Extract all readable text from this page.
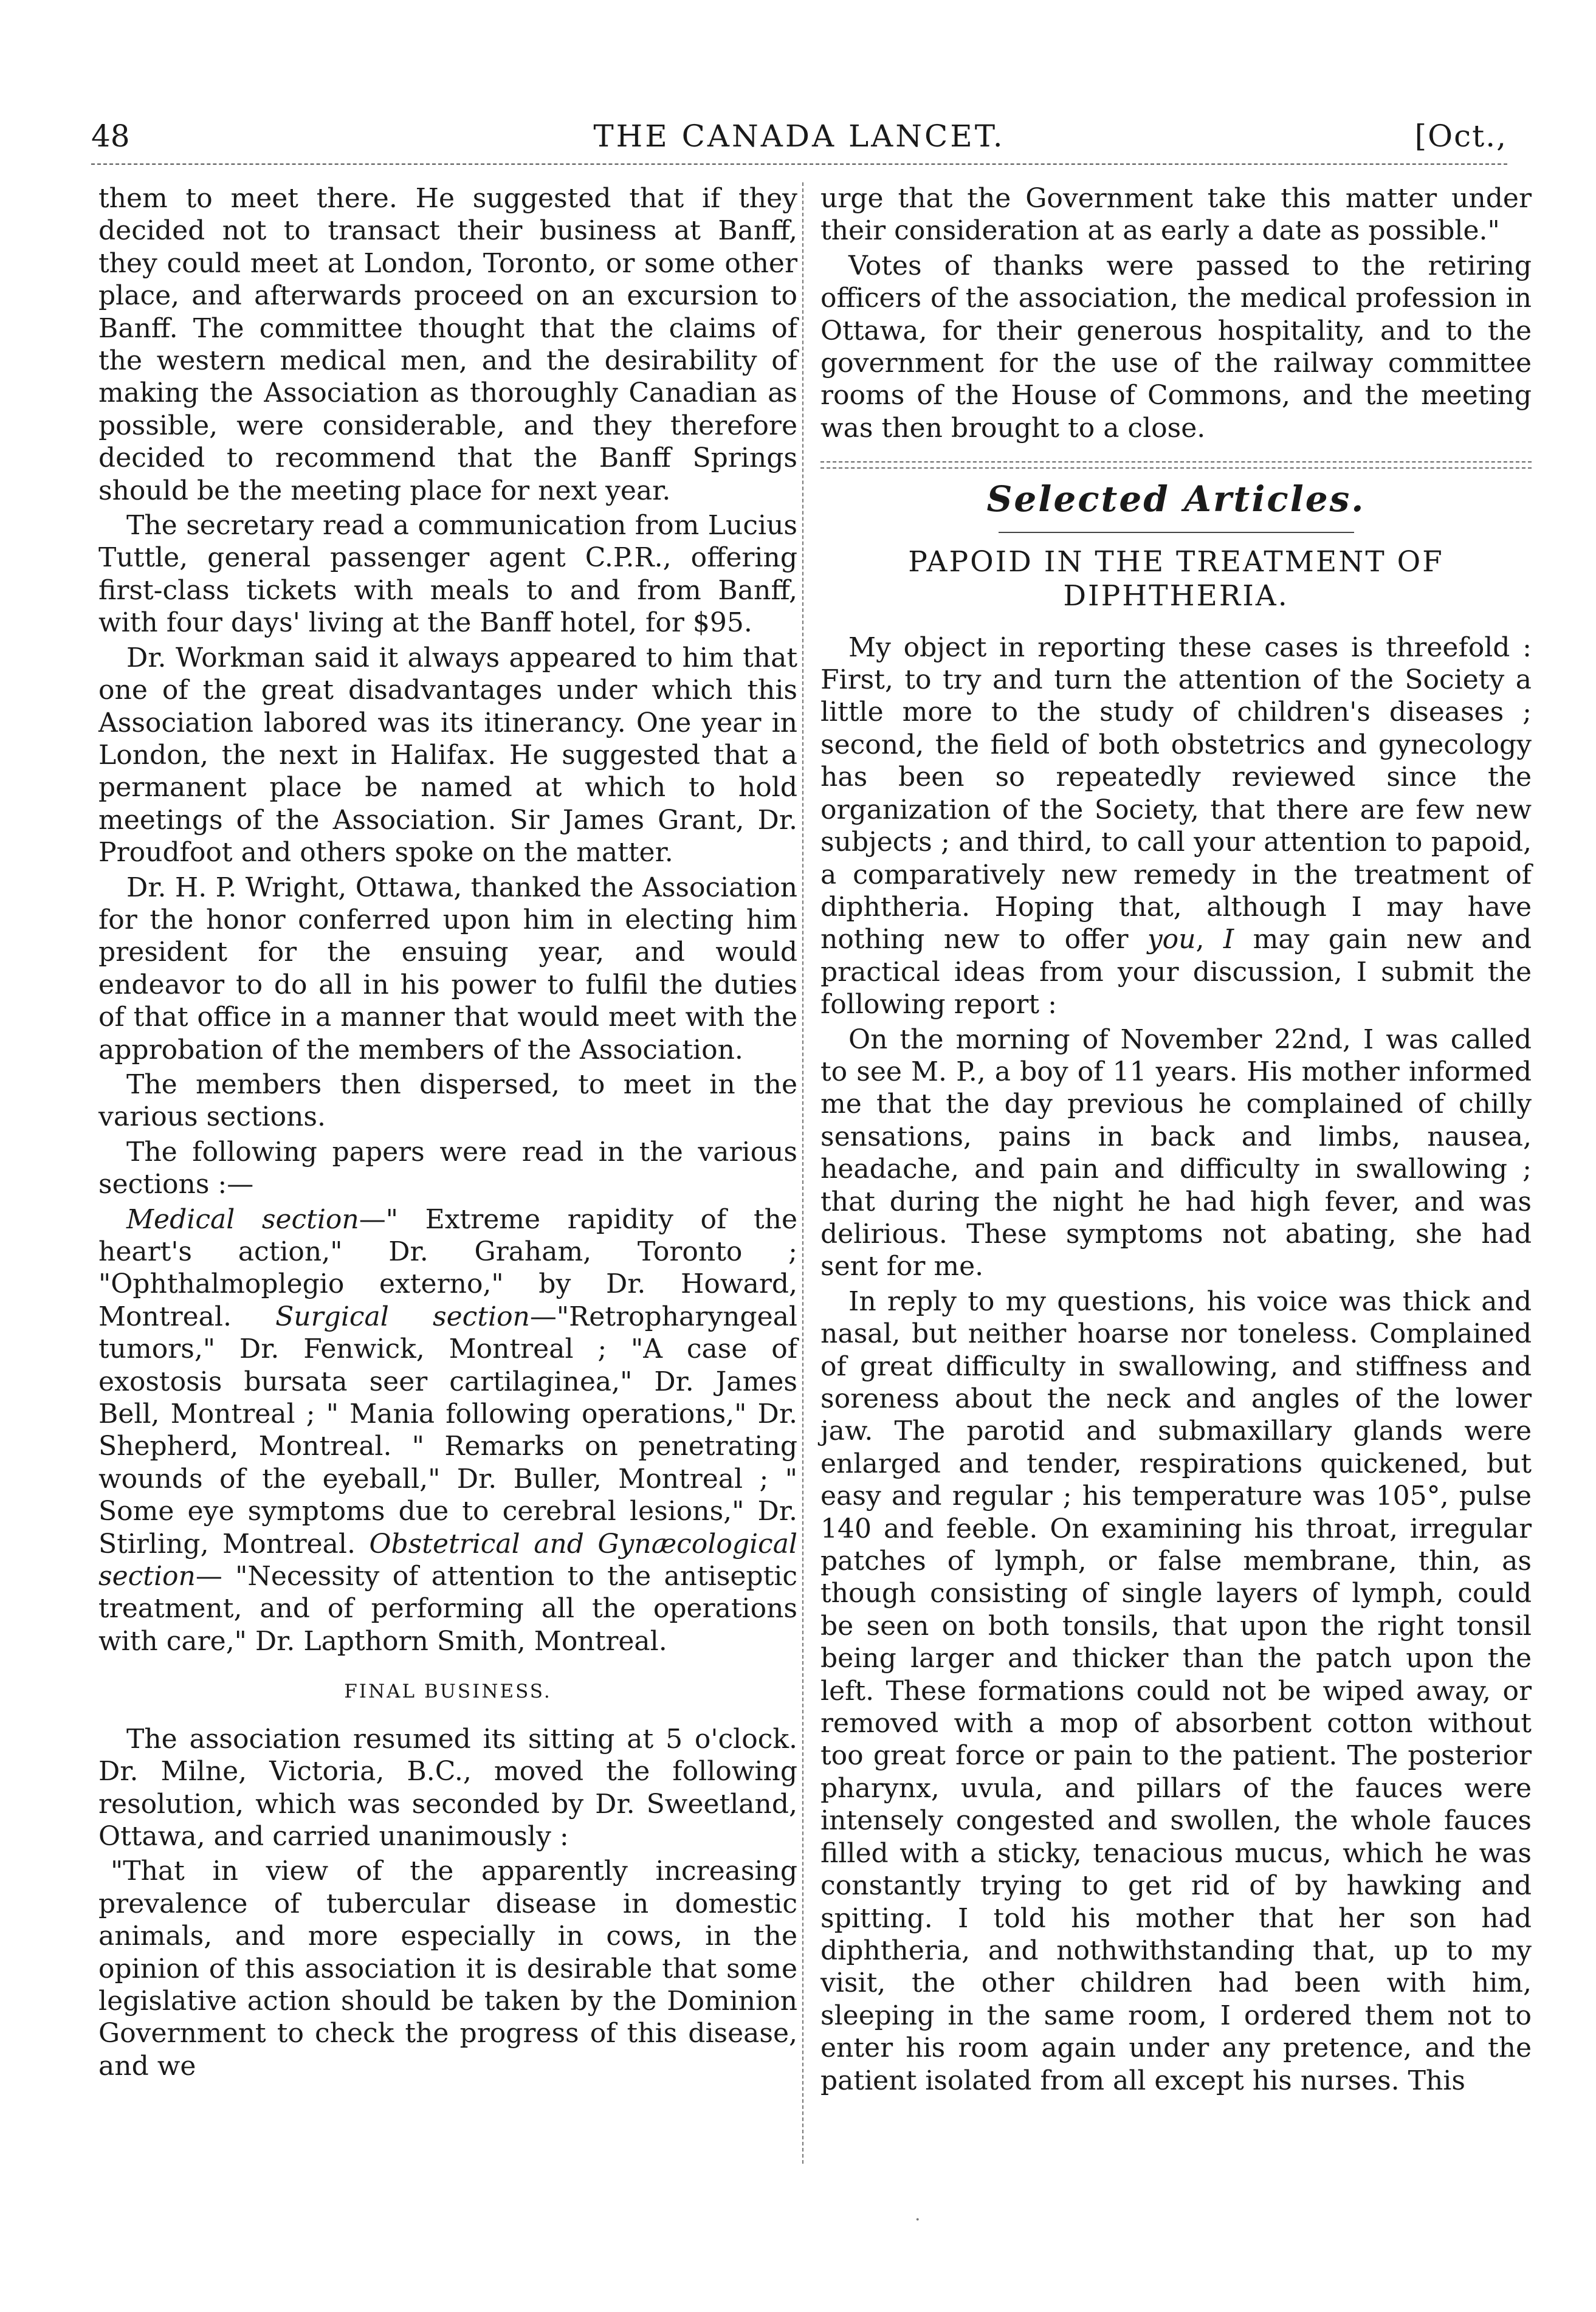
48	THE CANADA LANCET.	[Oct.,

them to meet there. He suggested that if they decided not to transact their business at Banff, they could meet at London, Toronto, or some other place, and afterwards proceed on an excursion to Banff. The committee thought that the claims of the western medical men, and the desirability of making the Association as thoroughly Canadian as possible, were considerable, and they therefore decided to recommend that the Banff Springs should be the meeting place for next year.

The secretary read a communication from Lucius Tuttle, general passenger agent C.P.R., offering first-class tickets with meals to and from Banff, with four days' living at the Banff hotel, for $95.

Dr. Workman said it always appeared to him that one of the great disadvantages under which this Association labored was its itinerancy. One year in London, the next in Halifax. He suggested that a permanent place be named at which to hold meetings of the Association. Sir James Grant, Dr. Proudfoot and others spoke on the matter.

Dr. H. P. Wright, Ottawa, thanked the Association for the honor conferred upon him in electing him president for the ensuing year, and would endeavor to do all in his power to fulfil the duties of that office in a manner that would meet with the approbation of the members of the Association.

The members then dispersed, to meet in the various sections.

The following papers were read in the various sections :—

Medical section—" Extreme rapidity of the heart's action," Dr. Graham, Toronto ; "Ophthalmoplegio externo," by Dr. Howard, Montreal. Surgical section—"Retropharyngeal tumors," Dr. Fenwick, Montreal ; "A case of exostosis bursata seer cartilaginea," Dr. James Bell, Montreal ; " Mania following operations," Dr. Shepherd, Montreal. " Remarks on penetrating wounds of the eyeball," Dr. Buller, Montreal ; " Some eye symptoms due to cerebral lesions," Dr. Stirling, Montreal. Obstetrical and Gynæcological section— "Necessity of attention to the antiseptic treatment, and of performing all the operations with care," Dr. Lapthorn Smith, Montreal.

FINAL BUSINESS.

The association resumed its sitting at 5 o'clock. Dr. Milne, Victoria, B.C., moved the following resolution, which was seconded by Dr. Sweetland, Ottawa, and carried unanimously :

"That in view of the apparently increasing prevalence of tubercular disease in domestic animals, and more especially in cows, in the opinion of this association it is desirable that some legislative action should be taken by the Dominion Government to check the progress of this disease, and we

urge that the Government take this matter under their consideration at as early a date as possible."

Votes of thanks were passed to the retiring officers of the association, the medical profession in Ottawa, for their generous hospitality, and to the government for the use of the railway committee rooms of the House of Commons, and the meeting was then brought to a close.

Selected Articles.
PAPOID IN THE TREATMENT OF DIPHTHERIA.

My object in reporting these cases is threefold : First, to try and turn the attention of the Society a little more to the study of children's diseases ; second, the field of both obstetrics and gynecology has been so repeatedly reviewed since the organization of the Society, that there are few new subjects ; and third, to call your attention to papoid, a comparatively new remedy in the treatment of diphtheria. Hoping that, although I may have nothing new to offer you, I may gain new and practical ideas from your discussion, I submit the following report :

On the morning of November 22nd, I was called to see M. P., a boy of 11 years. His mother informed me that the day previous he complained of chilly sensations, pains in back and limbs, nausea, headache, and pain and difficulty in swallowing ; that during the night he had high fever, and was delirious. These symptoms not abating, she had sent for me.

In reply to my questions, his voice was thick and nasal, but neither hoarse nor toneless. Complained of great difficulty in swallowing, and stiffness and soreness about the neck and angles of the lower jaw. The parotid and submaxillary glands were enlarged and tender, respirations quickened, but easy and regular ; his temperature was 105°, pulse 140 and feeble. On examining his throat, irregular patches of lymph, or false membrane, thin, as though consisting of single layers of lymph, could be seen on both tonsils, that upon the right tonsil being larger and thicker than the patch upon the left. These formations could not be wiped away, or removed with a mop of absorbent cotton without too great force or pain to the patient. The posterior pharynx, uvula, and pillars of the fauces were intensely congested and swollen, the whole fauces filled with a sticky, tenacious mucus, which he was constantly trying to get rid of by hawking and spitting. I told his mother that her son had diphtheria, and nothwithstanding that, up to my visit, the other children had been with him, sleeping in the same room, I ordered them not to enter his room again under any pretence, and the patient isolated from all except his nurses. This

·
